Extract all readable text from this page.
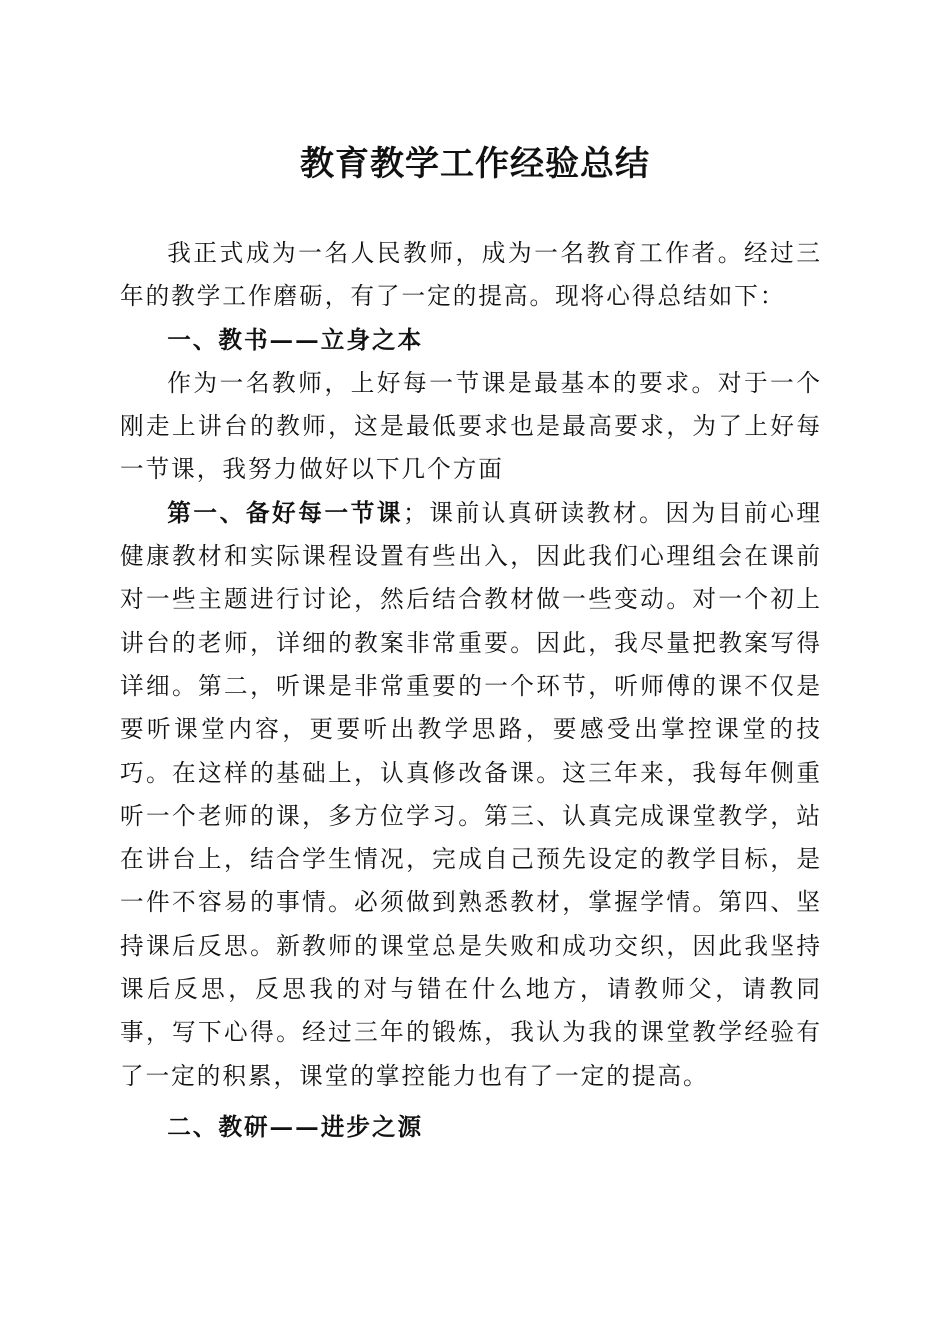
教育教学工作经验总结

我正式成为一名人民教师，成为一名教育工作者。经过三年的教学工作磨砺，有了一定的提高。现将心得总结如下：

一、教书——立身之本

作为一名教师，上好每一节课是最基本的要求。对于一个刚走上讲台的教师，这是最低要求也是最高要求，为了上好每一节课，我努力做好以下几个方面

第一、备好每一节课；课前认真研读教材。因为目前心理健康教材和实际课程设置有些出入，因此我们心理组会在课前对一些主题进行讨论，然后结合教材做一些变动。对一个初上讲台的老师，详细的教案非常重要。因此，我尽量把教案写得详细。第二，听课是非常重要的一个环节，听师傅的课不仅是要听课堂内容，更要听出教学思路，要感受出掌控课堂的技巧。在这样的基础上，认真修改备课。这三年来，我每年侧重听一个老师的课，多方位学习。第三、认真完成课堂教学，站在讲台上，结合学生情况，完成自己预先设定的教学目标，是一件不容易的事情。必须做到熟悉教材，掌握学情。第四、坚持课后反思。新教师的课堂总是失败和成功交织，因此我坚持课后反思，反思我的对与错在什么地方，请教师父，请教同事，写下心得。经过三年的锻炼，我认为我的课堂教学经验有了一定的积累，课堂的掌控能力也有了一定的提高。

二、教研——进步之源
